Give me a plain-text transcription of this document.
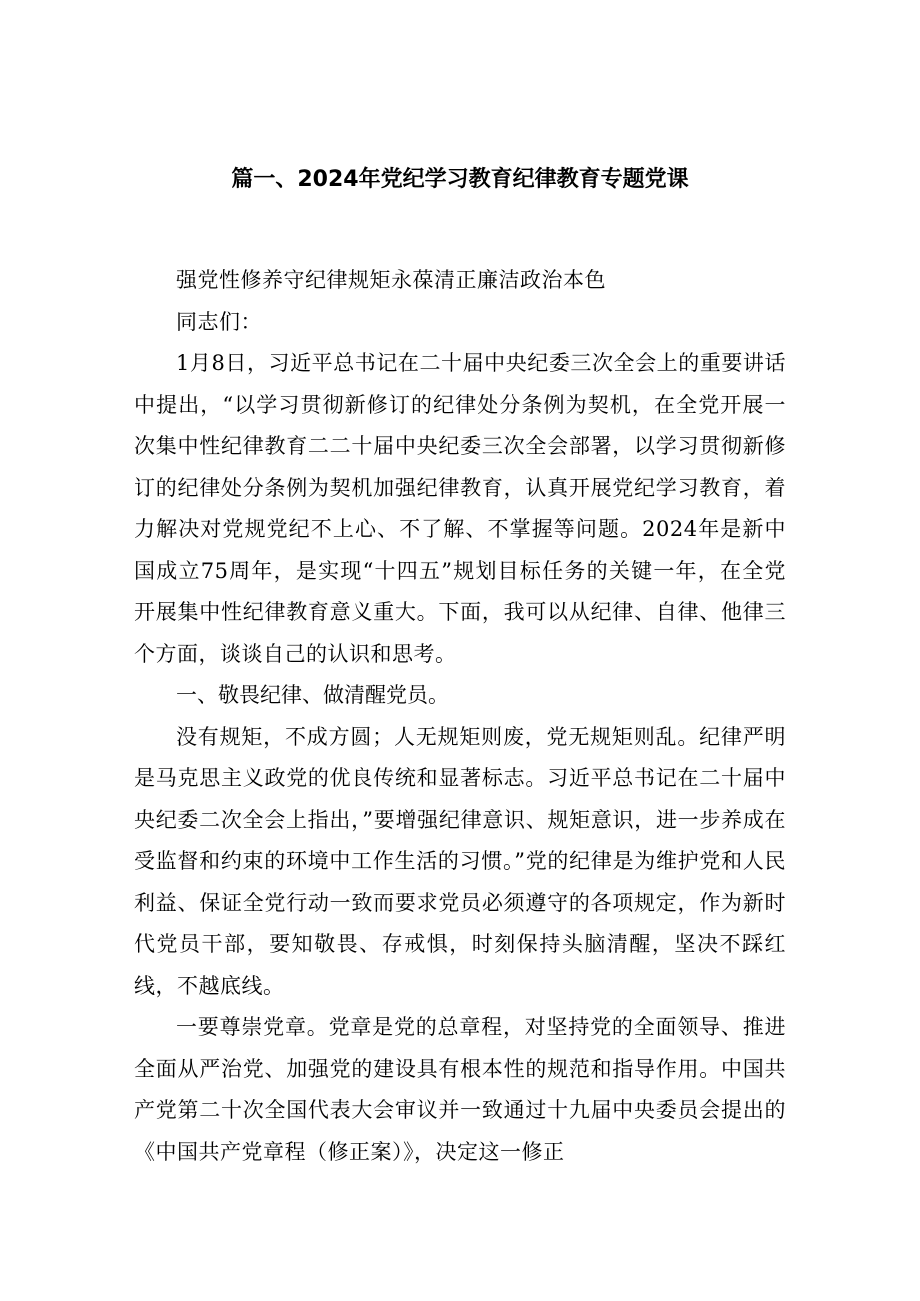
篇一、2024年党纪学习教育纪律教育专题党课

强党性修养守纪律规矩永葆清正廉洁政治本色

同志们：

1月8日，习近平总书记在二十届中央纪委三次全会上的重要讲话中提出，“以学习贯彻新修订的纪律处分条例为契机，在全党开展一次集中性纪律教育二二十届中央纪委三次全会部署，以学习贯彻新修订的纪律处分条例为契机加强纪律教育，认真开展党纪学习教育，着力解决对党规党纪不上心、不了解、不掌握等问题。2024年是新中国成立75周年，是实现“十四五”规划目标任务的关键一年，在全党开展集中性纪律教育意义重大。下面，我可以从纪律、自律、他律三个方面，谈谈自己的认识和思考。

一、敬畏纪律、做清醒党员。

没有规矩，不成方圆；人无规矩则废，党无规矩则乱。纪律严明是马克思主义政党的优良传统和显著标志。习近平总书记在二十届中央纪委二次全会上指出，”要增强纪律意识、规矩意识，进一步养成在受监督和约束的环境中工作生活的习惯。”党的纪律是为维护党和人民利益、保证全党行动一致而要求党员必须遵守的各项规定，作为新时代党员干部，要知敬畏、存戒惧，时刻保持头脑清醒，坚决不踩红线，不越底线。

一要尊崇党章。党章是党的总章程，对坚持党的全面领导、推进全面从严治党、加强党的建设具有根本性的规范和指导作用。中国共产党第二十次全国代表大会审议并一致通过十九届中央委员会提出的《中国共产党章程（修正案）》，决定这一修正
